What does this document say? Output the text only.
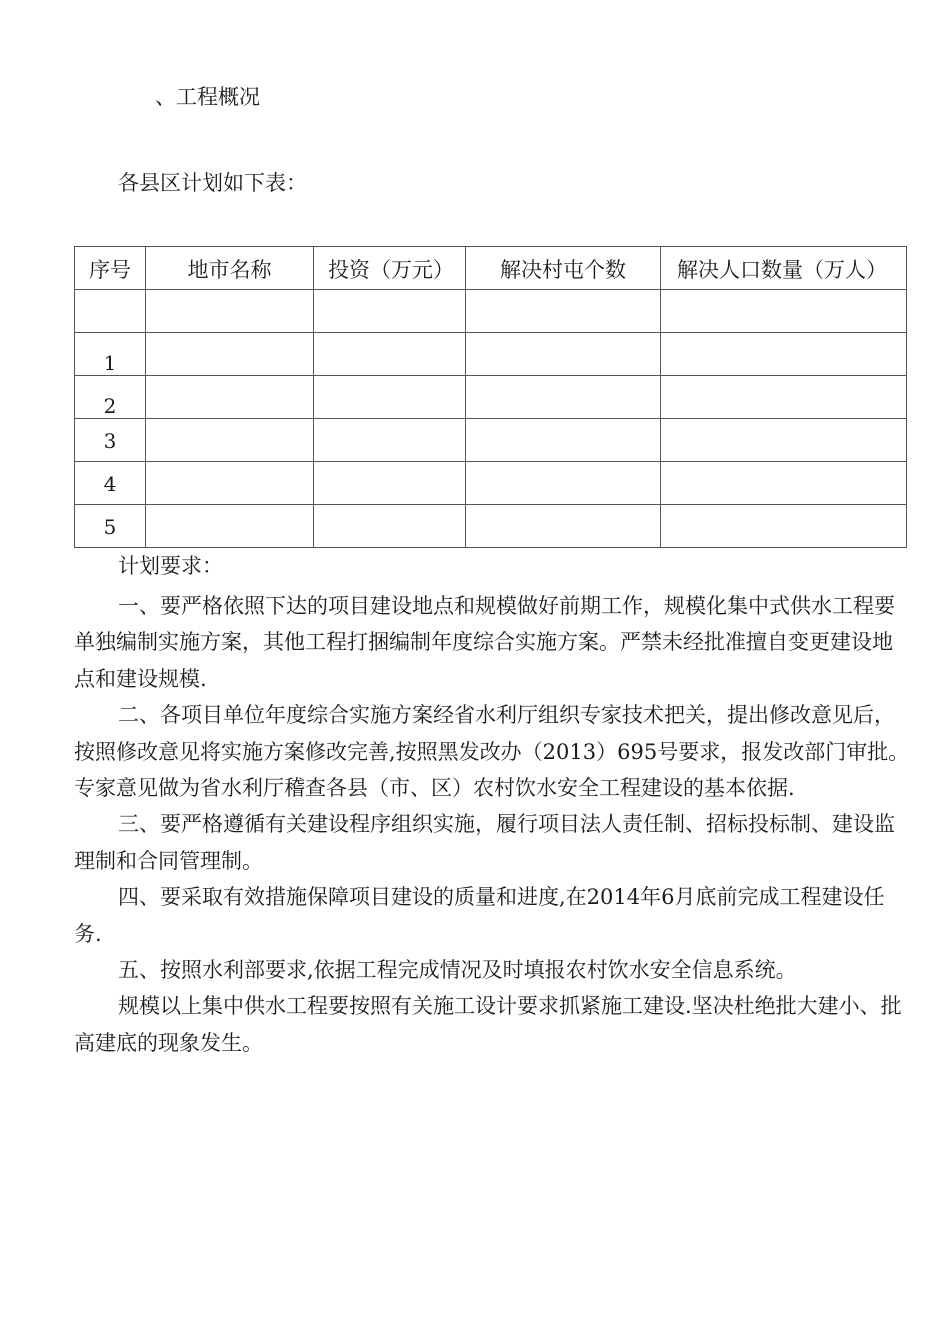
、工程概况
各县区计划如下表：
序号	地市名称	投资（万元）	解决村屯个数	解决人口数量（万人）

1				

2				

3				

4				

5				

计划要求：

一、要严格依照下达的项目建设地点和规模做好前期工作，规模化集中式供水工程要单独编制实施方案，其他工程打捆编制年度综合实施方案。严禁未经批准擅自变更建设地点和建设规模.

二、各项目单位年度综合实施方案经省水利厅组织专家技术把关，提出修改意见后，按照修改意见将实施方案修改完善,按照黑发改办（2013）695号要求，报发改部门审批。专家意见做为省水利厅稽查各县（市、区）农村饮水安全工程建设的基本依据.

三、要严格遵循有关建设程序组织实施，履行项目法人责任制、招标投标制、建设监理制和合同管理制。

四、要采取有效措施保障项目建设的质量和进度,在2014年6月底前完成工程建设任务.

五、按照水利部要求,依据工程完成情况及时填报农村饮水安全信息系统。

规模以上集中供水工程要按照有关施工设计要求抓紧施工建设.坚决杜绝批大建小、批高建底的现象发生。
